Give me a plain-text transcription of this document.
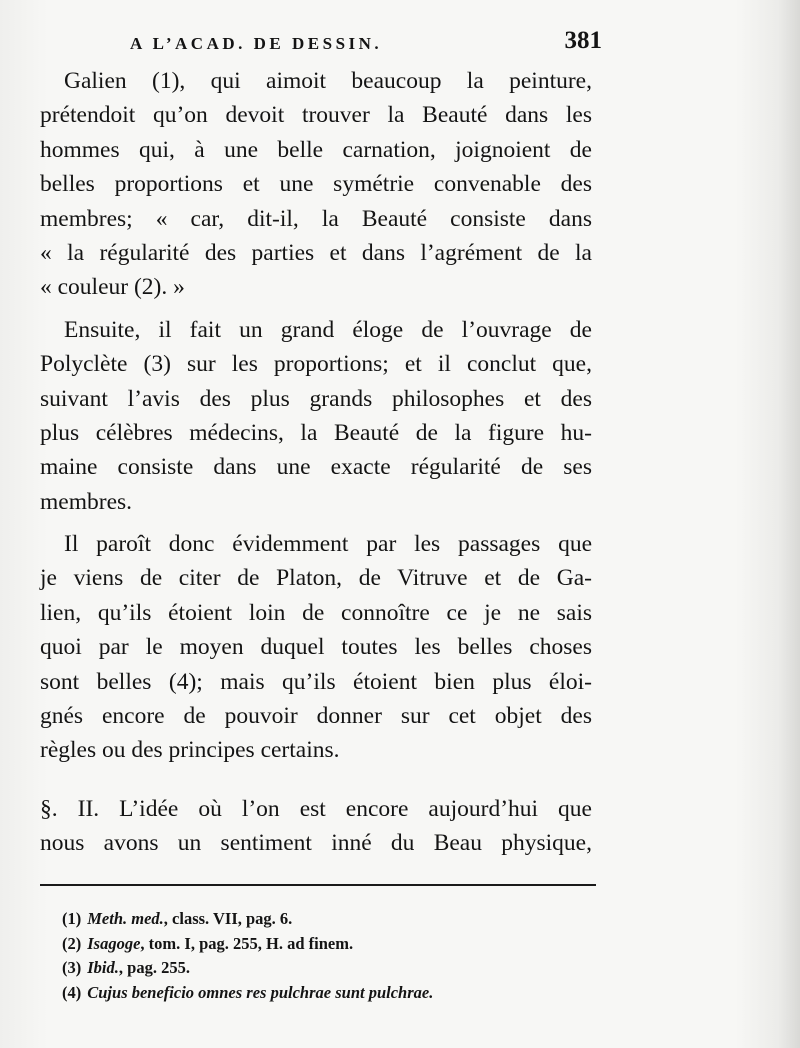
A L’ACAD. DE DESSIN.	381
Galien (1), qui aimoit beaucoup la peinture,
prétendoit qu’on devoit trouver la Beauté dans les
hommes qui, à une belle carnation, joignoient de
belles proportions et une symétrie convenable des
membres; « car, dit-il, la Beauté consiste dans
« la régularité des parties et dans l’agrément de la
« couleur (2). »
Ensuite, il fait un grand éloge de l’ouvrage de
Polyclète (3) sur les proportions; et il conclut que,
suivant l’avis des plus grands philosophes et des
plus célèbres médecins, la Beauté de la figure hu-
maine consiste dans une exacte régularité de ses
membres.
Il paroît donc évidemment par les passages que
je viens de citer de Platon, de Vitruve et de Ga-
lien, qu’ils étoient loin de connoître ce je ne sais
quoi par le moyen duquel toutes les belles choses
sont belles (4); mais qu’ils étoient bien plus éloi-
gnés encore de pouvoir donner sur cet objet des
règles ou des principes certains.
§. II. L’idée où l’on est encore aujourd’hui que
nous avons un sentiment inné du Beau physique,
(1) Meth. med., class. VII, pag. 6.
(2) Isagoge, tom. I, pag. 255, H. ad finem.
(3) Ibid., pag. 255.
(4) Cujus beneficio omnes res pulchrae sunt pulchrae.
